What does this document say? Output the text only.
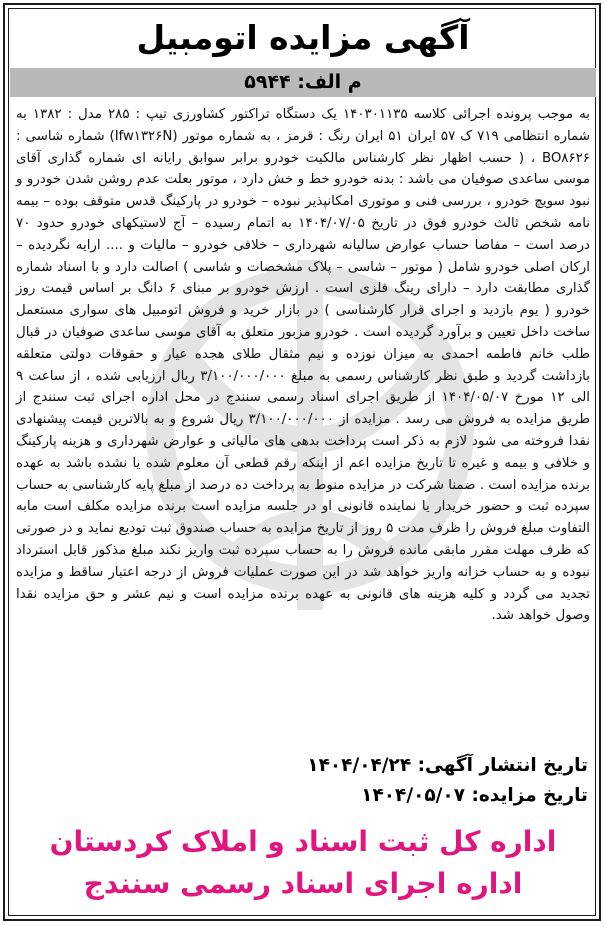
آگهی مزایده اتومبیل
م الف: ۵۹۴۴
به موجب پرونده اجرائی کلاسه ۱۴۰۳۰۱۱۳۵ یک دستگاه تراکتور کشاورزی تیپ : ۲۸۵ مدل : ۱۳۸۲ به شماره انتظامی ۷۱۹ ک ۵۷ ایران ۵۱ ایران رنگ : قرمز ، به شماره موتور (Ifw۱۳۲۶N) شماره شاسی : BO۸۶۲۶ ، ( حسب اظهار نظر کارشناس مالکیت خودرو برابر سوابق رایانه ای شماره گذاری آقای موسی ساعدی صوفیان می باشد : بدنه خودرو خط و خش دارد ، موتور بعلت عدم روشن شدن خودرو و نبود سویچ خودرو ، بررسی فنی و موتوری امکانپذیر نبوده – خودرو در پارکینگ قدس متوقف بوده – بیمه نامه شخص ثالث خودرو فوق در تاریخ ۱۴۰۴/۰۷/۰۵ به اتمام رسیده – آج لاستیکهای خودرو حدود ۷۰ درصد است – مفاصا حساب عوارض سالیانه شهرداری – خلافی خودرو – مالیات و .... ارایه نگردیده – ارکان اصلی خودرو شامل ( موتور – شاسی – پلاک مشخصات و شاسی ) اصالت دارد و با اسناد شماره گذاری مطابقت دارد – دارای رینگ فلزی است . ارزش خودرو بر مبنای ۶ دانگ بر اساس قیمت روز خودرو ( یوم بازدید و اجرای قرار کارشناسی ) در بازار خرید و فروش اتومبیل های سواری مستعمل ساخت داخل تعیین و برآورد گردیده است . خودرو مزبور متعلق به آقای موسی ساعدی صوفیان در قبال طلب خانم فاطمه احمدی به میزان نوزده و نیم مثقال طلای هجده عیار و حقوقات دولتی متعلقه بازداشت گردید و طبق نظر کارشناس رسمی به مبلغ ۳/۱۰۰/۰۰۰/۰۰۰ ریال ارزیابی شده ، از ساعت ۹ الی ۱۲ مورخ ۱۴۰۴/۰۵/۰۷ از طریق اجرای اسناد رسمی سنندج در محل اداره اجرای ثبت سنندج از طریق مزایده به فروش می رسد . مزایده از ۳/۱۰۰/۰۰۰/۰۰۰ ریال شروع و به بالاترین قیمت پیشنهادی نقدا فروخته می شود لازم به ذکر است پرداخت بدهی های مالیاتی و عوارض شهرداری و هزینه پارکینگ و خلافی و بیمه و غیره تا تاریخ مزایده اعم از اینکه رقم قطعی آن معلوم شده یا نشده باشد به عهده برنده مزایده است . ضمنا شرکت در مزایده منوط به پرداخت ده درصد از مبلغ پایه کارشناسی به حساب سپرده ثبت و حضور خریدار یا نماینده قانونی او در جلسه مزایده است برنده مزایده مکلف است مابه التفاوت مبلغ فروش را ظرف مدت ۵ روز از تاریخ مزایده به حساب صندوق ثبت تودیع نماید و در صورتی که ظرف مهلت مقرر مابقی مانده فروش را به حساب سپرده ثبت واریز نکند مبلغ مذکور قابل استرداد نبوده و به حساب خزانه واریز خواهد شد در این صورت عملیات فروش از درجه اعتبار ساقط و مزایده تجدید می گردد و کلیه هزینه های قانونی به عهده برنده مزایده است و نیم عشر و حق مزایده نقدا وصول خواهد شد.
تاریخ انتشار آگهی: ۱۴۰۴/۰۴/۲۴
تاریخ مزایده: ۱۴۰۴/۰۵/۰۷
اداره کل ثبت اسناد و املاک کردستان
اداره اجرای اسناد رسمی سنندج
